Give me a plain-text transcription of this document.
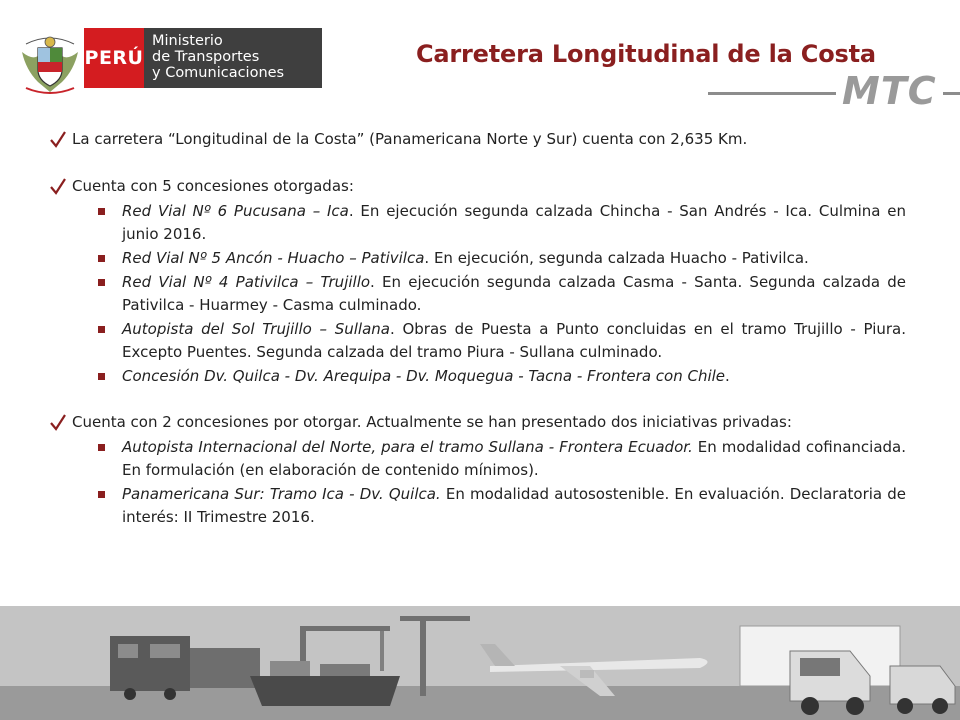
PERÚ
Ministerio
de Transportes
y Comunicaciones
Carretera Longitudinal de la Costa
MTC
La carretera “Longitudinal de la Costa” (Panamericana Norte y Sur) cuenta con 2,635 Km.
Cuenta con 5 concesiones otorgadas:
Red Vial Nº 6 Pucusana – Ica. En ejecución segunda calzada Chincha - San Andrés - Ica. Culmina en junio 2016.
Red Vial Nº 5 Ancón - Huacho – Pativilca. En ejecución, segunda calzada Huacho - Pativilca.
Red Vial Nº 4 Pativilca – Trujillo. En ejecución segunda calzada Casma - Santa. Segunda calzada de Pativilca - Huarmey - Casma culminado.
Autopista del Sol Trujillo – Sullana. Obras de Puesta a Punto concluidas en el tramo Trujillo - Piura. Excepto Puentes. Segunda calzada del tramo Piura - Sullana culminado.
Concesión Dv. Quilca - Dv. Arequipa - Dv. Moquegua - Tacna - Frontera con Chile.
Cuenta con 2 concesiones por otorgar. Actualmente se han presentado dos iniciativas privadas:
Autopista Internacional del Norte, para el tramo Sullana - Frontera Ecuador. En modalidad cofinanciada. En formulación (en elaboración de contenido mínimos).
Panamericana Sur: Tramo Ica - Dv. Quilca. En modalidad autosostenible. En evaluación. Declaratoria de interés: II Trimestre 2016.
